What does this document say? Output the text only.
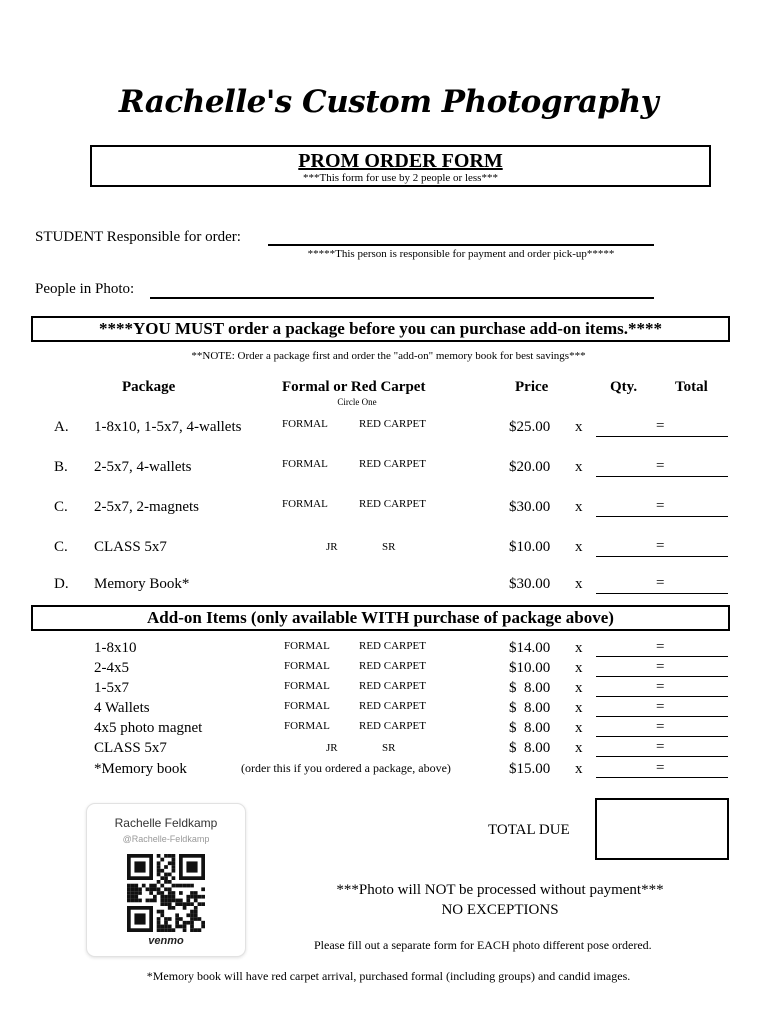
Rachelle's Custom Photography
PROM ORDER FORM
***This form for use by 2 people or less***
STUDENT Responsible for order:
*****This person is responsible for payment and order pick-up*****
People in Photo:
****YOU MUST order a package before you can purchase add-on items.****
**NOTE: Order a package first and order the "add-on" memory book for best savings***
Package	Formal or Red Carpet
Circle One
Price	Qty.	Total
A. 1-8x10, 1-5x7, 4-wallets	FORMAL	RED CARPET	$25.00 x	=
B. 2-5x7, 4-wallets	FORMAL	RED CARPET	$20.00 x	=
C. 2-5x7, 2-magnets	FORMAL	RED CARPET	$30.00 x	=
C. CLASS 5x7	JR	SR	$10.00 x	=
D. Memory Book*	$30.00 x	=
Add-on Items (only available WITH purchase of package above)
1-8x10	FORMAL	RED CARPET	$14.00 x	=
2-4x5	FORMAL	RED CARPET	$10.00 x	=
1-5x7	FORMAL	RED CARPET	$  8.00 x	=
4 Wallets	FORMAL	RED CARPET	$  8.00 x	=
4x5 photo magnet	FORMAL	RED CARPET	$  8.00 x	=
CLASS 5x7	JR	SR	$  8.00 x	=
*Memory book	(order this if you ordered a package, above)	$15.00 x	=
Rachelle Feldkamp
@Rachelle-Feldkamp
venmo
TOTAL DUE
***Photo will NOT be processed without payment***
NO EXCEPTIONS
Please fill out a separate form for EACH photo different pose ordered.
*Memory book will have red carpet arrival, purchased formal (including groups) and candid images.
